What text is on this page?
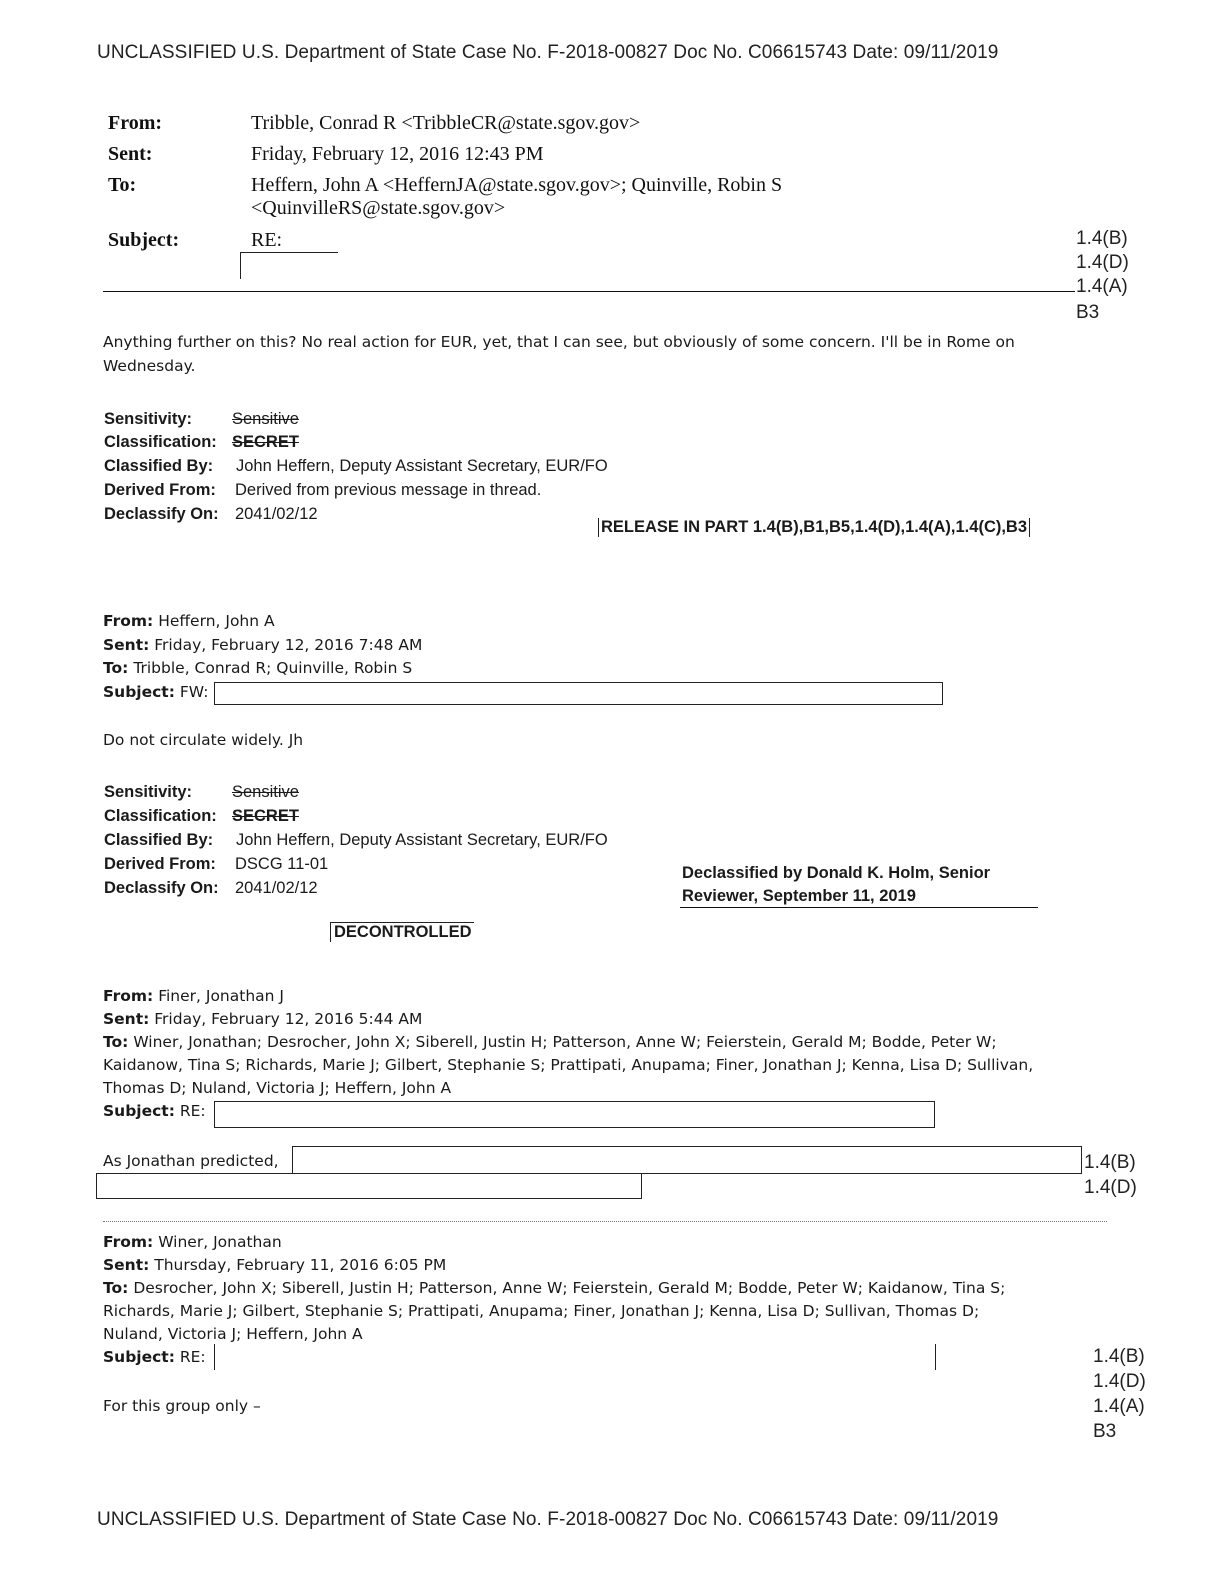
UNCLASSIFIED U.S. Department of State Case No. F-2018-00827 Doc No. C06615743 Date: 09/11/2019
From:	Tribble, Conrad R <TribbleCR@state.sgov.gov>
Sent:	Friday, February 12, 2016 12:43 PM
To:	Heffern, John A <HeffernJA@state.sgov.gov>; Quinville, Robin S
<QuinvilleRS@state.sgov.gov>
Subject:	RE:	1.4(B)
1.4(D)
1.4(A)
B3
Anything further on this? No real action for EUR, yet, that I can see, but obviously of some concern. I'll be in Rome on
Wednesday.
Sensitivity: Sensitive
Classification: SECRET
Classified By: John Heffern, Deputy Assistant Secretary, EUR/FO
Derived From: Derived from previous message in thread.
Declassify On: 2041/02/12
RELEASE IN PART 1.4(B),B1,B5,1.4(D),1.4(A),1.4(C),B3
From: Heffern, John A
Sent: Friday, February 12, 2016 7:48 AM
To: Tribble, Conrad R; Quinville, Robin S
Subject: FW:
Do not circulate widely. Jh
Sensitivity: Sensitive
Classification: SECRET
Classified By: John Heffern, Deputy Assistant Secretary, EUR/FO
Derived From: DSCG 11-01
Declassify On: 2041/02/12
Declassified by Donald K. Holm, Senior
Reviewer, September 11, 2019
DECONTROLLED
From: Finer, Jonathan J
Sent: Friday, February 12, 2016 5:44 AM
To: Winer, Jonathan; Desrocher, John X; Siberell, Justin H; Patterson, Anne W; Feierstein, Gerald M; Bodde, Peter W;
Kaidanow, Tina S; Richards, Marie J; Gilbert, Stephanie S; Prattipati, Anupama; Finer, Jonathan J; Kenna, Lisa D; Sullivan,
Thomas D; Nuland, Victoria J; Heffern, John A
Subject: RE:
As Jonathan predicted,	1.4(B)
1.4(D)
From: Winer, Jonathan
Sent: Thursday, February 11, 2016 6:05 PM
To: Desrocher, John X; Siberell, Justin H; Patterson, Anne W; Feierstein, Gerald M; Bodde, Peter W; Kaidanow, Tina S;
Richards, Marie J; Gilbert, Stephanie S; Prattipati, Anupama; Finer, Jonathan J; Kenna, Lisa D; Sullivan, Thomas D;
Nuland, Victoria J; Heffern, John A
Subject: RE:
For this group only –
1.4(B)
1.4(D)
1.4(A)
B3
UNCLASSIFIED U.S. Department of State Case No. F-2018-00827 Doc No. C06615743 Date: 09/11/2019
